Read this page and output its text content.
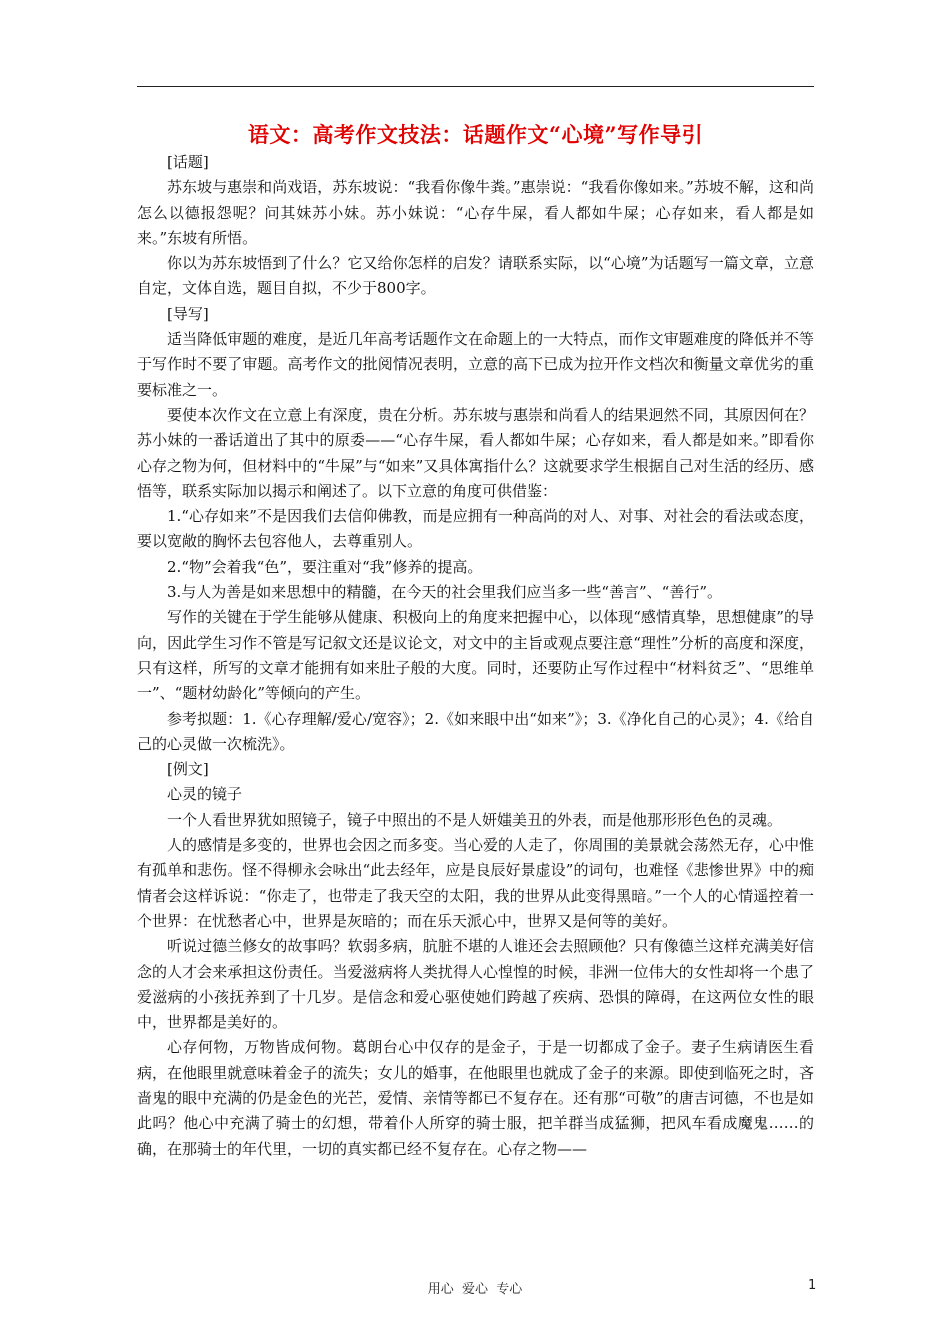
语文：高考作文技法：话题作文“心境”写作导引

[话题]

苏东坡与惠崇和尚戏语，苏东坡说：“我看你像牛粪。”惠崇说：“我看你像如来。”苏坡不解，这和尚怎么以德报怨呢？问其妹苏小妹。苏小妹说：“心存牛屎，看人都如牛屎；心存如来，看人都是如来。”东坡有所悟。

你以为苏东坡悟到了什么？它又给你怎样的启发？请联系实际，以“心境”为话题写一篇文章，立意自定，文体自选，题目自拟，不少于800字。

[导写]

适当降低审题的难度，是近几年高考话题作文在命题上的一大特点，而作文审题难度的降低并不等于写作时不要了审题。高考作文的批阅情况表明，立意的高下已成为拉开作文档次和衡量文章优劣的重要标准之一。

要使本次作文在立意上有深度，贵在分析。苏东坡与惠崇和尚看人的结果迥然不同，其原因何在？苏小妹的一番话道出了其中的原委——“心存牛屎，看人都如牛屎；心存如来，看人都是如来。”即看你心存之物为何，但材料中的“牛屎”与“如来”又具体寓指什么？这就要求学生根据自己对生活的经历、感悟等，联系实际加以揭示和阐述了。以下立意的角度可供借鉴：

1.“心存如来”不是因我们去信仰佛教，而是应拥有一种高尚的对人、对事、对社会的看法或态度，要以宽敞的胸怀去包容他人，去尊重别人。

2.“物”会着我“色”，要注重对“我”修养的提高。

3.与人为善是如来思想中的精髓，在今天的社会里我们应当多一些“善言”、“善行”。

写作的关键在于学生能够从健康、积极向上的角度来把握中心，以体现“感情真挚，思想健康”的导向，因此学生习作不管是写记叙文还是议论文，对文中的主旨或观点要注意“理性”分析的高度和深度，只有这样，所写的文章才能拥有如来肚子般的大度。同时，还要防止写作过程中“材料贫乏”、“思维单一”、“题材幼龄化”等倾向的产生。

参考拟题：1.《心存理解/爱心/宽容》；2.《如来眼中出“如来”》；3.《净化自己的心灵》；4.《给自己的心灵做一次梳洗》。

[例文]

心灵的镜子

一个人看世界犹如照镜子，镜子中照出的不是人妍媸美丑的外表，而是他那形形色色的灵魂。

人的感情是多变的，世界也会因之而多变。当心爱的人走了，你周围的美景就会荡然无存，心中惟有孤单和悲伤。怪不得柳永会咏出“此去经年，应是良辰好景虚设”的词句，也难怪《悲惨世界》中的痴情者会这样诉说：“你走了，也带走了我天空的太阳，我的世界从此变得黑暗。”一个人的心情遥控着一个世界：在忧愁者心中，世界是灰暗的；而在乐天派心中，世界又是何等的美好。

听说过德兰修女的故事吗？软弱多病，肮脏不堪的人谁还会去照顾他？只有像德兰这样充满美好信念的人才会来承担这份责任。当爱滋病将人类扰得人心惶惶的时候，非洲一位伟大的女性却将一个患了爱滋病的小孩抚养到了十几岁。是信念和爱心驱使她们跨越了疾病、恐惧的障碍，在这两位女性的眼中，世界都是美好的。

心存何物，万物皆成何物。葛朗台心中仅存的是金子，于是一切都成了金子。妻子生病请医生看病，在他眼里就意味着金子的流失；女儿的婚事，在他眼里也就成了金子的来源。即使到临死之时，吝啬鬼的眼中充满的仍是金色的光芒，爱情、亲情等都已不复存在。还有那“可敬”的唐吉诃德，不也是如此吗？他心中充满了骑士的幻想，带着仆人所穿的骑士服，把羊群当成猛狮，把风车看成魔鬼……的确，在那骑士的年代里，一切的真实都已经不复存在。心存之物——

用心  爱心  专心	1
